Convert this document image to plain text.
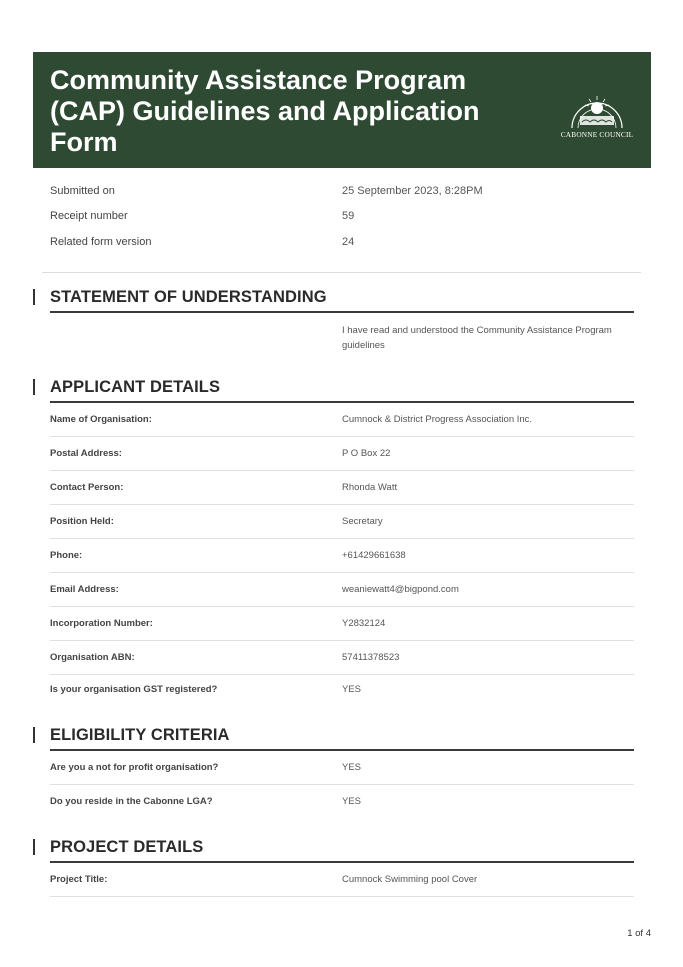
Community Assistance Program (CAP) Guidelines and Application Form	CABONNE COUNCIL
Submitted on	25 September 2023, 8:28PM
Receipt number	59
Related form version	24
STATEMENT OF UNDERSTANDING
I have read and understood the Community Assistance Program guidelines
APPLICANT DETAILS
Name of Organisation:	Cumnock & District Progress Association Inc.
Postal Address:	P O Box 22
Contact Person:	Rhonda Watt
Position Held:	Secretary
Phone:	+61429661638
Email Address:	weaniewatt4@bigpond.com
Incorporation Number:	Y2832124
Organisation ABN:	57411378523
Is your organisation GST registered?	YES
ELIGIBILITY CRITERIA
Are you a not for profit organisation?	YES
Do you reside in the Cabonne LGA?	YES
PROJECT DETAILS
Project Title:	Cumnock Swimming pool Cover
1 of 4
